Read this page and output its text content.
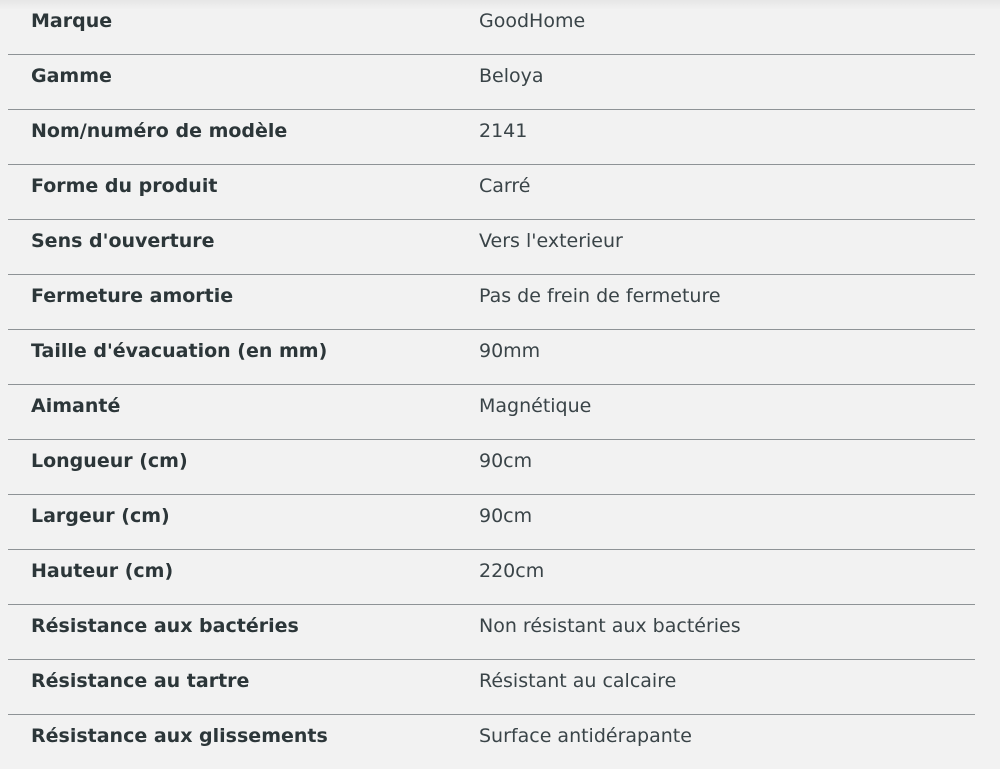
Marque	GoodHome
Gamme	Beloya
Nom/numéro de modèle	2141
Forme du produit	Carré
Sens d'ouverture	Vers l'exterieur
Fermeture amortie	Pas de frein de fermeture
Taille d'évacuation (en mm)	90mm
Aimanté	Magnétique
Longueur (cm)	90cm
Largeur (cm)	90cm
Hauteur (cm)	220cm
Résistance aux bactéries	Non résistant aux bactéries
Résistance au tartre	Résistant au calcaire
Résistance aux glissements	Surface antidérapante
